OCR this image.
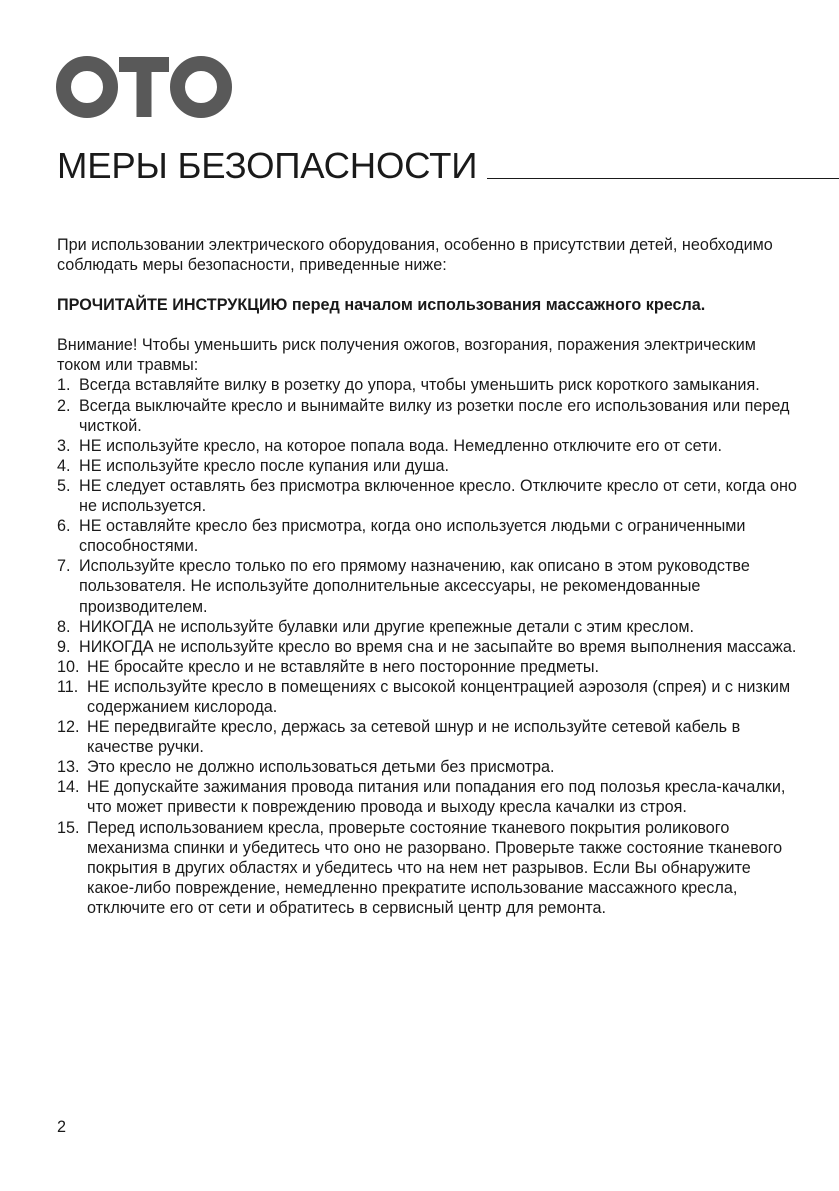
МЕРЫ БЕЗОПАСНОСТИ

При использовании электрического оборудования, особенно в присутствии детей, необходимо соблюдать меры безопасности, приведенные ниже:

ПРОЧИТАЙТЕ ИНСТРУКЦИЮ перед началом использования массажного кресла.

Внимание! Чтобы уменьшить риск получения ожогов, возгорания, поражения электрическим током или травмы:

1. Всегда вставляйте вилку в розетку до упора, чтобы уменьшить риск короткого замыкания.
2. Всегда выключайте кресло и вынимайте вилку из розетки после его использования или перед чисткой.
3. НЕ используйте кресло, на которое попала вода. Немедленно отключите его от сети.
4. НЕ используйте кресло после купания или душа.
5. НЕ следует оставлять без присмотра включенное кресло. Отключите кресло от сети, когда оно не используется.
6. НЕ оставляйте кресло без присмотра, когда оно используется людьми с ограниченными способностями.
7. Используйте кресло только по его прямому назначению, как описано в этом руководстве пользователя. Не используйте дополнительные аксессуары, не рекомендованные производителем.
8. НИКОГДА не используйте булавки или другие крепежные детали с этим креслом.
9. НИКОГДА не используйте кресло во время сна и не засыпайте во время выполнения массажа.
10. НЕ бросайте кресло и не вставляйте в него посторонние предметы.
11. НЕ используйте кресло в помещениях с высокой концентрацией аэрозоля (спрея) и с низким содержанием кислорода.
12. НЕ передвигайте кресло, держась за сетевой шнур и не используйте сетевой кабель в качестве ручки.
13. Это кресло не должно использоваться детьми без присмотра.
14. НЕ допускайте зажимания провода питания или попадания его под полозья кресла-качалки, что может привести к повреждению провода и выходу кресла качалки из строя.
15. Перед использованием кресла, проверьте состояние тканевого покрытия роликового механизма спинки и убедитесь что оно не разорвано. Проверьте также состояние тканевого покрытия в других областях и убедитесь что на нем нет разрывов. Если Вы обнаружите какое-либо повреждение, немедленно прекратите использование массажного кресла, отключите его от сети и обратитесь в сервисный центр для ремонта.
2
